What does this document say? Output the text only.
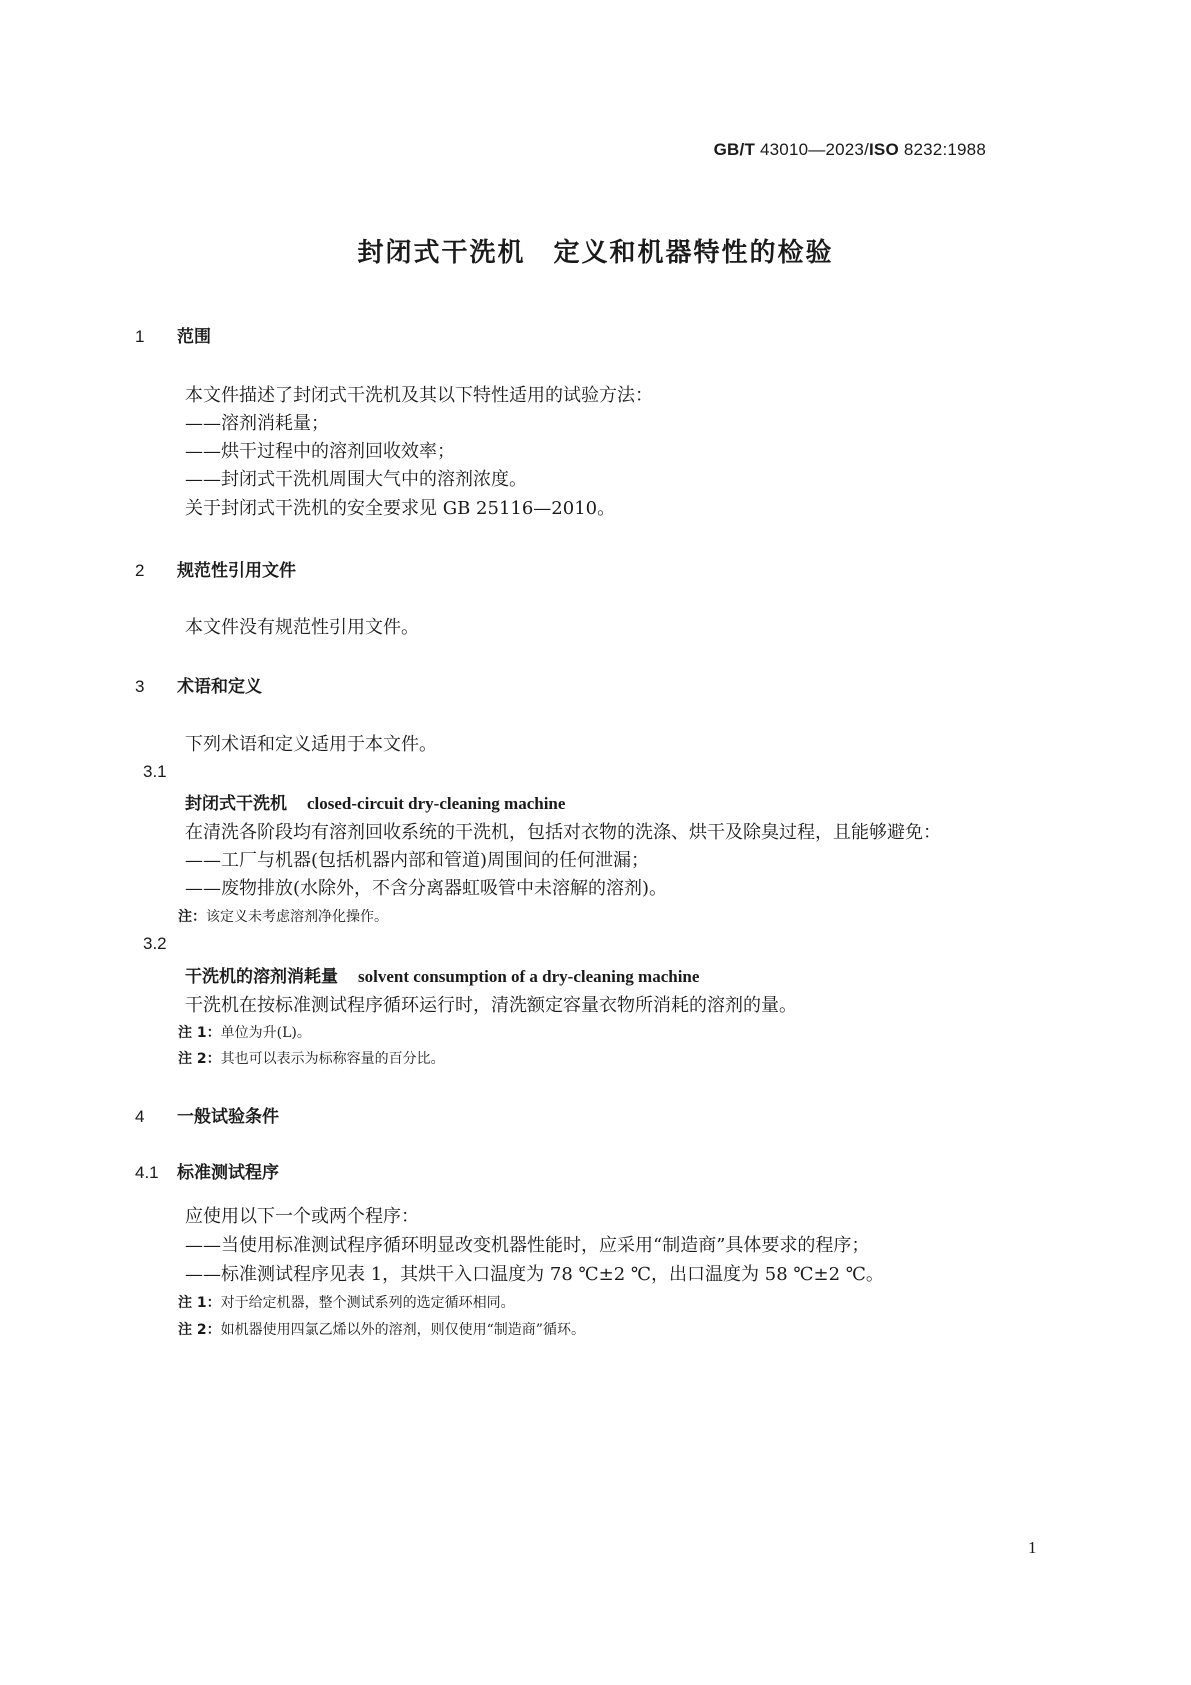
GB/T 43010—2023/ISO 8232:1988
封闭式干洗机　定义和机器特性的检验
1 范围
本文件描述了封闭式干洗机及其以下特性适用的试验方法：
——溶剂消耗量；
——烘干过程中的溶剂回收效率；
——封闭式干洗机周围大气中的溶剂浓度。
关于封闭式干洗机的安全要求见 GB 25116—2010。
2 规范性引用文件
本文件没有规范性引用文件。
3 术语和定义
下列术语和定义适用于本文件。
3.1
封闭式干洗机 closed-circuit dry-cleaning machine
在清洗各阶段均有溶剂回收系统的干洗机，包括对衣物的洗涤、烘干及除臭过程，且能够避免：
——工厂与机器(包括机器内部和管道)周围间的任何泄漏；
——废物排放(水除外，不含分离器虹吸管中未溶解的溶剂)。
注：该定义未考虑溶剂净化操作。
3.2
干洗机的溶剂消耗量 solvent consumption of a dry-cleaning machine
干洗机在按标准测试程序循环运行时，清洗额定容量衣物所消耗的溶剂的量。
注 1：单位为升(L)。
注 2：其也可以表示为标称容量的百分比。
4 一般试验条件
4.1 标准测试程序
应使用以下一个或两个程序：
——当使用标准测试程序循环明显改变机器性能时，应采用“制造商”具体要求的程序；
——标准测试程序见表 1，其烘干入口温度为 78 ℃±2 ℃，出口温度为 58 ℃±2 ℃。
注 1：对于给定机器，整个测试系列的选定循环相同。
注 2：如机器使用四氯乙烯以外的溶剂，则仅使用“制造商”循环。
1
